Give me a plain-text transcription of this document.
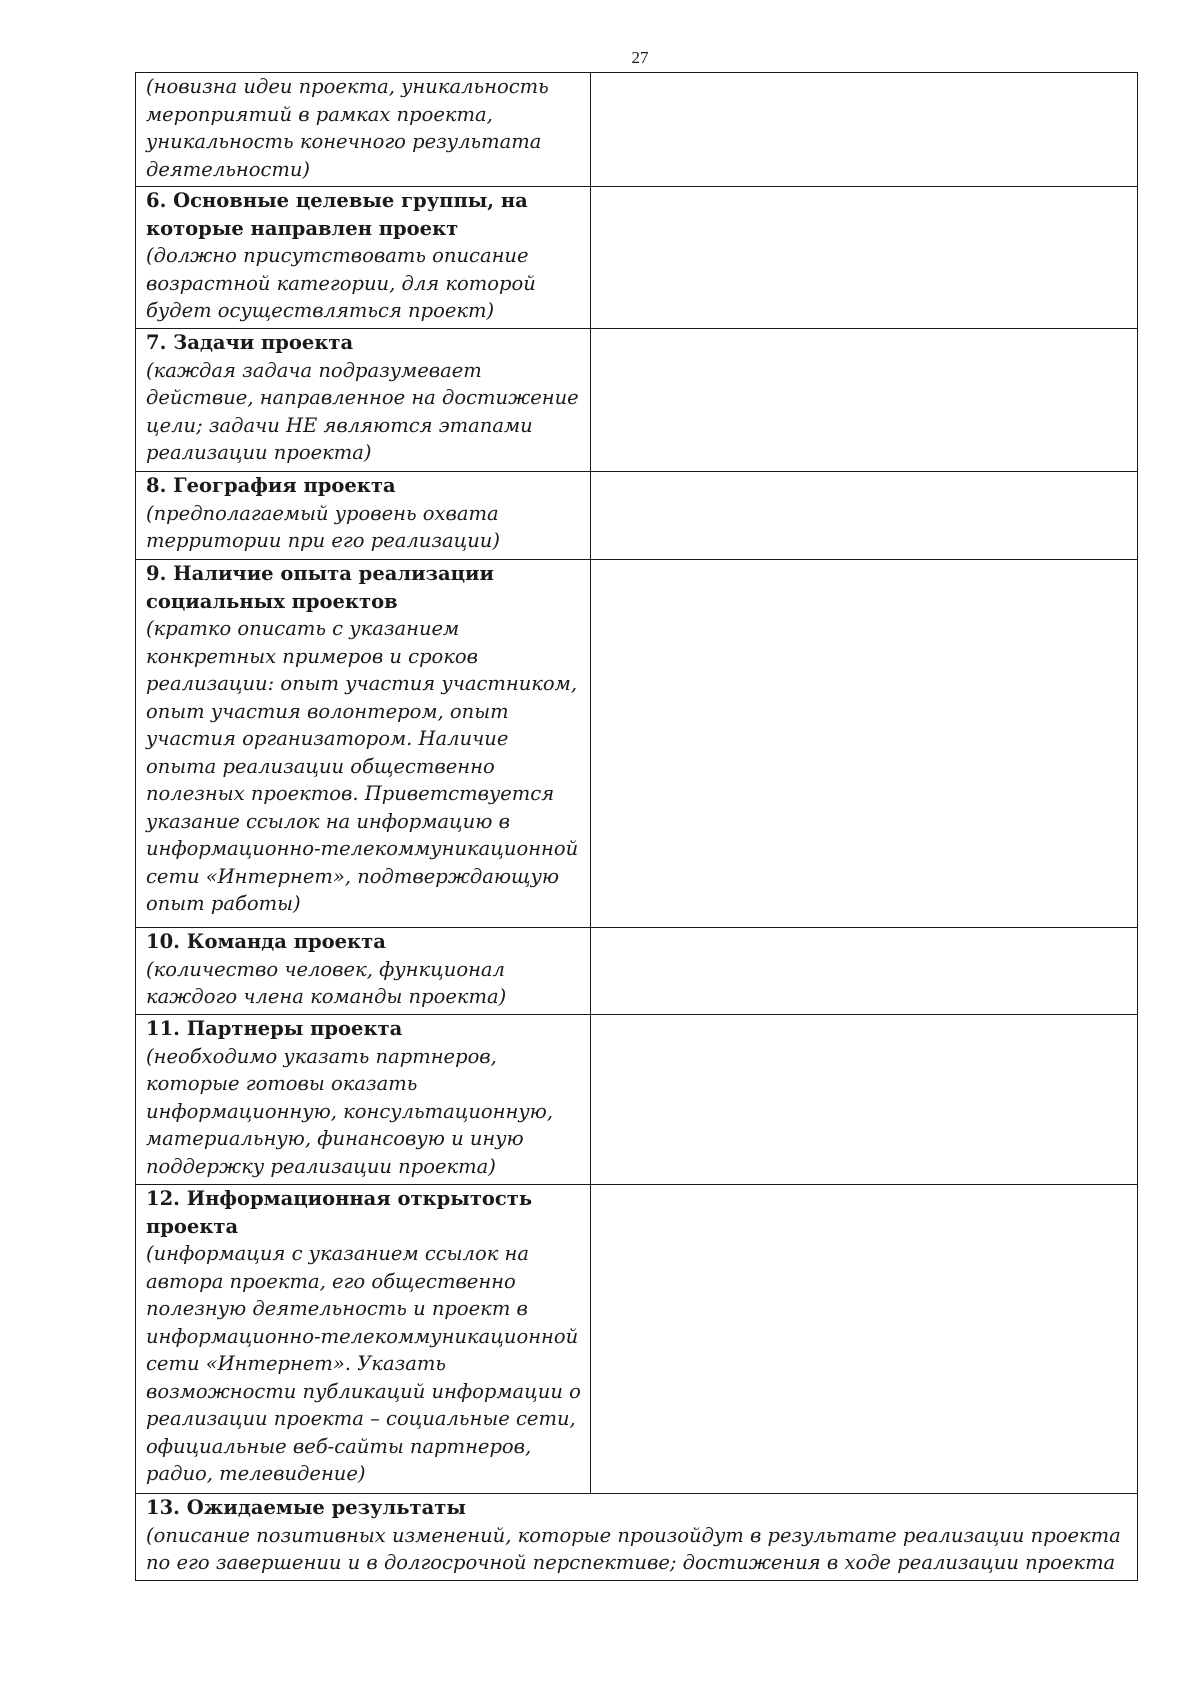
27
(новизна идеи проекта, уникальность мероприятий в рамках проекта, уникальность конечного результата деятельности)	

6. Основные целевые группы, на которые направлен проект
(должно присутствовать описание возрастной категории, для которой будет осуществляться проект)	

7. Задачи проекта
(каждая задача подразумевает действие, направленное на достижение цели; задачи НЕ являются этапами реализации проекта)	

8. География проекта
(предполагаемый уровень охвата территории при его реализации)	

9. Наличие опыта реализации социальных проектов
(кратко описать с указанием конкретных примеров и сроков реализации: опыт участия участником, опыт участия волонтером, опыт участия организатором. Наличие опыта реализации общественно полезных проектов. Приветствуется указание ссылок на информацию в информационно-телекоммуникационной сети «Интернет», подтверждающую опыт работы)	

10. Команда проекта
(количество человек, функционал каждого члена команды проекта)	

11. Партнеры проекта
(необходимо указать партнеров, которые готовы оказать информационную, консультационную, материальную, финансовую и иную поддержку реализации проекта)	

12. Информационная открытость проекта
(информация с указанием ссылок на автора проекта, его общественно полезную деятельность и проект в информационно-телекоммуникационной сети «Интернет». Указать возможности публикаций информации о реализации проекта – социальные сети, официальные веб-сайты партнеров, радио, телевидение)	

13. Ожидаемые результаты
(описание позитивных изменений, которые произойдут в результате реализации проекта по его завершении и в долгосрочной перспективе; достижения в ходе реализации проекта	
